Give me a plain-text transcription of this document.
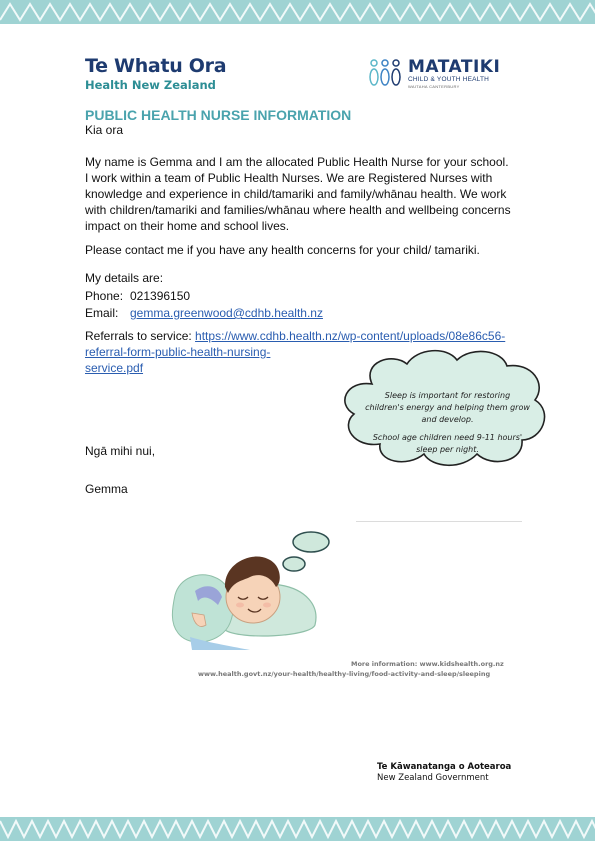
Te Whatu Ora
Health New Zealand
MATATIKI
CHILD & YOUTH HEALTH
WAITAHA CANTERBURY
PUBLIC HEALTH NURSE INFORMATION
Kia ora
My name is Gemma and I am the allocated Public Health Nurse for your school. I work within a team of Public Health Nurses. We are Registered Nurses with knowledge and experience in child/tamariki and family/whānau health. We work with children/tamariki and families/whānau where health and wellbeing concerns impact on their home and school lives.
Please contact me if you have any health concerns for your child/ tamariki.
My details are:
Phone: 021396150
Email: gemma.greenwood@cdhb.health.nz
Referrals to service: https://www.cdhb.health.nz/wp-content/uploads/08e86c56-
referral-form-public-health-nursing-
service.pdf
Ngā mihi nui,
Gemma

Sleep is important for restoring children's energy and helping them grow and develop.

School age children need 9-11 hours' sleep per night.

More information: www.kidshealth.org.nz
www.health.govt.nz/your-health/healthy-living/food-activity-and-sleep/sleeping
Te Kāwanatanga o Aotearoa
New Zealand Government
